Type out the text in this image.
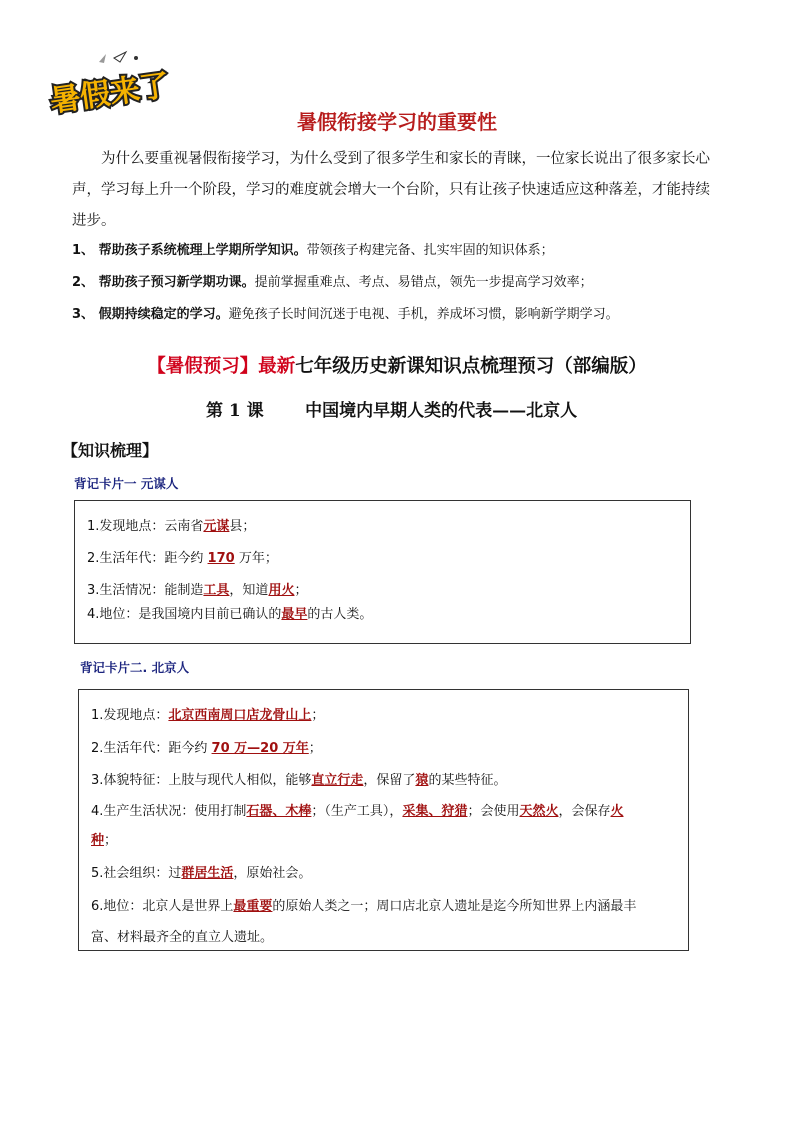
暑假来了
暑假衔接学习的重要性

为什么要重视暑假衔接学习，为什么受到了很多学生和家长的青睐，一位家长说出了很多家长心声，学习每上升一个阶段，学习的难度就会增大一个台阶，只有让孩子快速适应这种落差，才能持续进步。

1、 帮助孩子系统梳理上学期所学知识。带领孩子构建完备、扎实牢固的知识体系；

2、 帮助孩子预习新学期功课。提前掌握重难点、考点、易错点，领先一步提高学习效率；

3、 假期持续稳定的学习。避免孩子长时间沉迷于电视、手机，养成坏习惯，影响新学期学习。

【暑假预习】最新七年级历史新课知识点梳理预习（部编版）
第 1 课 中国境内早期人类的代表——北京人
【知识梳理】

背记卡片一 元谋人

1.发现地点：云南省元谋县；

2.生活年代：距今约 170 万年；

3.生活情况：能制造工具，知道用火；

4.地位：是我国境内目前已确认的最早的古人类。

背记卡片二. 北京人

1.发现地点：北京西南周口店龙骨山上；

2.生活年代：距今约 70 万—20 万年；

3.体貌特征：上肢与现代人相似，能够直立行走，保留了猿的某些特征。

4.生产生活状况：使用打制石器、木棒；（生产工具），采集、狩猎；会使用天然火，会保存火

种；

5.社会组织：过群居生活，原始社会。

6.地位：北京人是世界上最重要的原始人类之一；周口店北京人遗址是迄今所知世界上内涵最丰

富、材料最齐全的直立人遗址。
